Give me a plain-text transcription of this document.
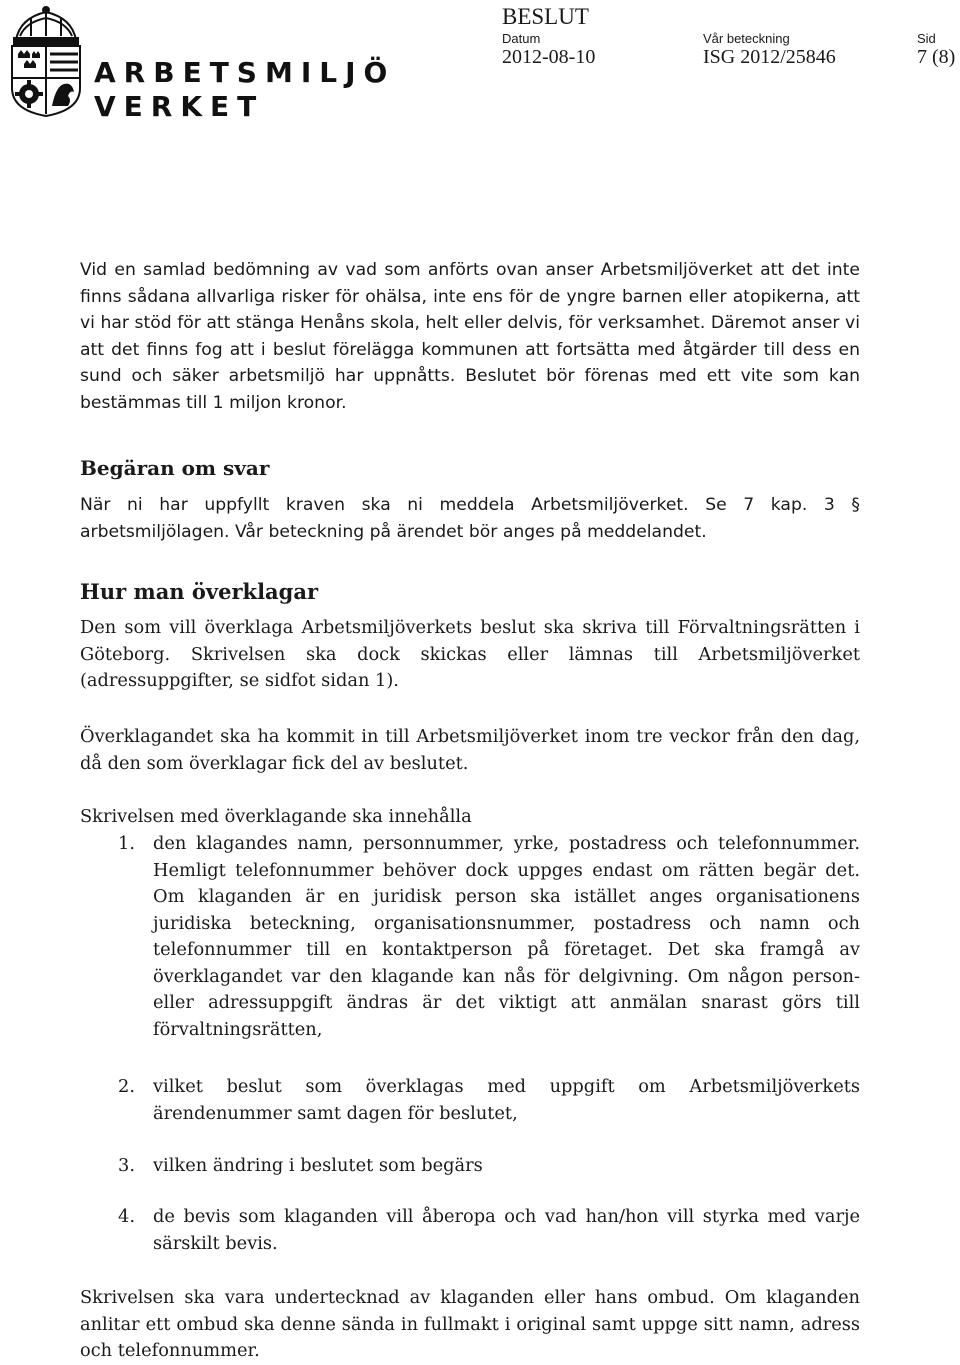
ARBETSMILJÖ
VERKET
BESLUT
Datum
2012-08-10
Vår beteckning
ISG 2012/25846
Sid
7 (8)

Vid en samlad bedömning av vad som anförts ovan anser Arbetsmiljöverket att det inte finns sådana allvarliga risker för ohälsa, inte ens för de yngre barnen eller atopikerna, att vi har stöd för att stänga Henåns skola, helt eller delvis, för verksamhet. Däremot anser vi att det finns fog att i beslut förelägga kommunen att fortsätta med åtgärder till dess en sund och säker arbetsmiljö har uppnåtts. Beslutet bör förenas med ett vite som kan bestämmas till 1 miljon kronor.

Begäran om svar

När ni har uppfyllt kraven ska ni meddela Arbetsmiljöverket. Se 7 kap. 3 § arbetsmiljölagen. Vår beteckning på ärendet bör anges på meddelandet.

Hur man överklagar

Den som vill överklaga Arbetsmiljöverkets beslut ska skriva till Förvaltningsrätten i Göteborg. Skrivelsen ska dock skickas eller lämnas till Arbetsmiljöverket (adressuppgifter, se sidfot sidan 1).

Överklagandet ska ha kommit in till Arbetsmiljöverket inom tre veckor från den dag, då den som överklagar fick del av beslutet.

Skrivelsen med överklagande ska innehålla
1. den klagandes namn, personnummer, yrke, postadress och telefonnummer. Hemligt telefonnummer behöver dock uppges endast om rätten begär det. Om klaganden är en juridisk person ska istället anges organisationens juridiska beteckning, organisationsnummer, postadress och namn och telefonnummer till en kontaktperson på företaget. Det ska framgå av överklagandet var den klagande kan nås för delgivning. Om någon person- eller adressuppgift ändras är det viktigt att anmälan snarast görs till förvaltningsrätten,
2. vilket beslut som överklagas med uppgift om Arbetsmiljöverkets ärendenummer samt dagen för beslutet,
3. vilken ändring i beslutet som begärs
4. de bevis som klaganden vill åberopa och vad han/hon vill styrka med varje särskilt bevis.

Skrivelsen ska vara undertecknad av klaganden eller hans ombud. Om klaganden anlitar ett ombud ska denne sända in fullmakt i original samt uppge sitt namn, adress och telefonnummer.
